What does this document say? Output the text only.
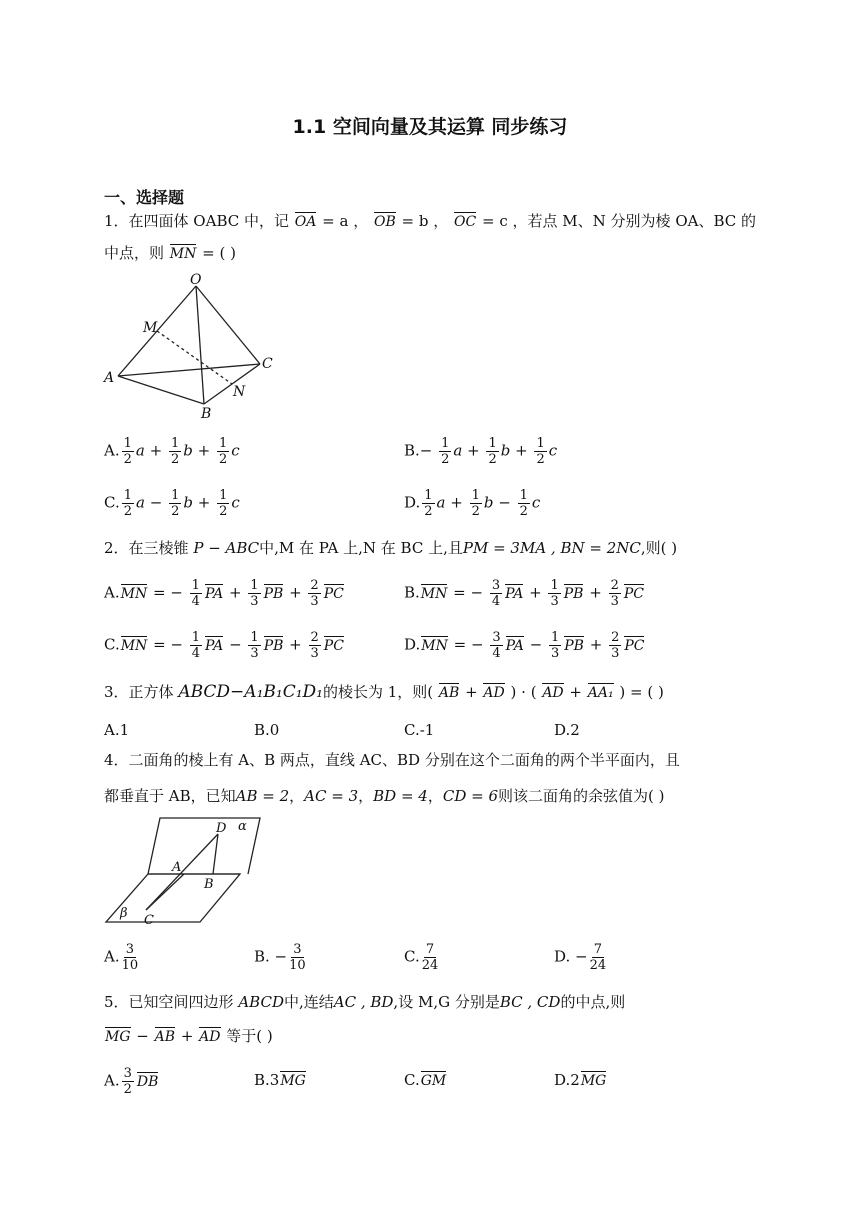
1.1 空间向量及其运算 同步练习
一、选择题
1．在四面体 OABC 中，记 OA = a ， OB = b ， OC = c ，若点 M、N 分别为棱 OA、BC 的
中点，则 MN = ( )
O
M
C
A
N
B
A. $\frac{1}{2}$ $a + \frac{1}{2}$ $b + \frac{1}{2}$ c	$B.- \frac{1}{2}$ $a + \frac{1}{2}$ $b + \frac{1}{2}$ c
C. $\frac{1}{2}$ $a - \frac{1}{2}$ $b + \frac{1}{2}$ c	D. $\frac{1}{2}$ $a + \frac{1}{2}$ $b - \frac{1}{2}$ c
2．在三棱锥 P − ABC中,M 在 PA 上,N 在 BC 上,且PM = 3MA , BN = 2NC,则( )
A.MN = − $\frac{1}{4}$ PA + $\frac{1}{3}$ PB + $\frac{2}{3}$ PC	B.MN = − $\frac{3}{4}$ PA + $\frac{1}{3}$ PB + $\frac{2}{3}$ PC
C.MN = − $\frac{1}{4}$ PA − $\frac{1}{3}$ PB + $\frac{2}{3}$ PC	D.MN = − $\frac{3}{4}$ PA − $\frac{1}{3}$ PB + $\frac{2}{3}$ PC
3．正方体 ABCD−A₁B₁C₁D₁的棱长为 1，则( AB + AD ) · ( AD + AA₁ ) = ( )
A.1	B.0	C.-1	D.2
4．二面角的棱上有 A、B 两点，直线 AC、BD 分别在这个二面角的两个半平面内，且
都垂直于 AB，已知AB = 2，AC = 3，BD = 4，CD = 6则该二面角的余弦值为( )
D α
A
B
β C
A. $\frac{3}{10}$	B. − $\frac{3}{10}$	C. $\frac{7}{24}$	D. − $\frac{7}{24}$
5．已知空间四边形 ABCD中,连结AC , BD,设 M,G 分别是BC , CD的中点,则
MG − AB + AD 等于( )
A. $\frac{3}{2}$ DB	B.3MG	C.GM	D.2MG
